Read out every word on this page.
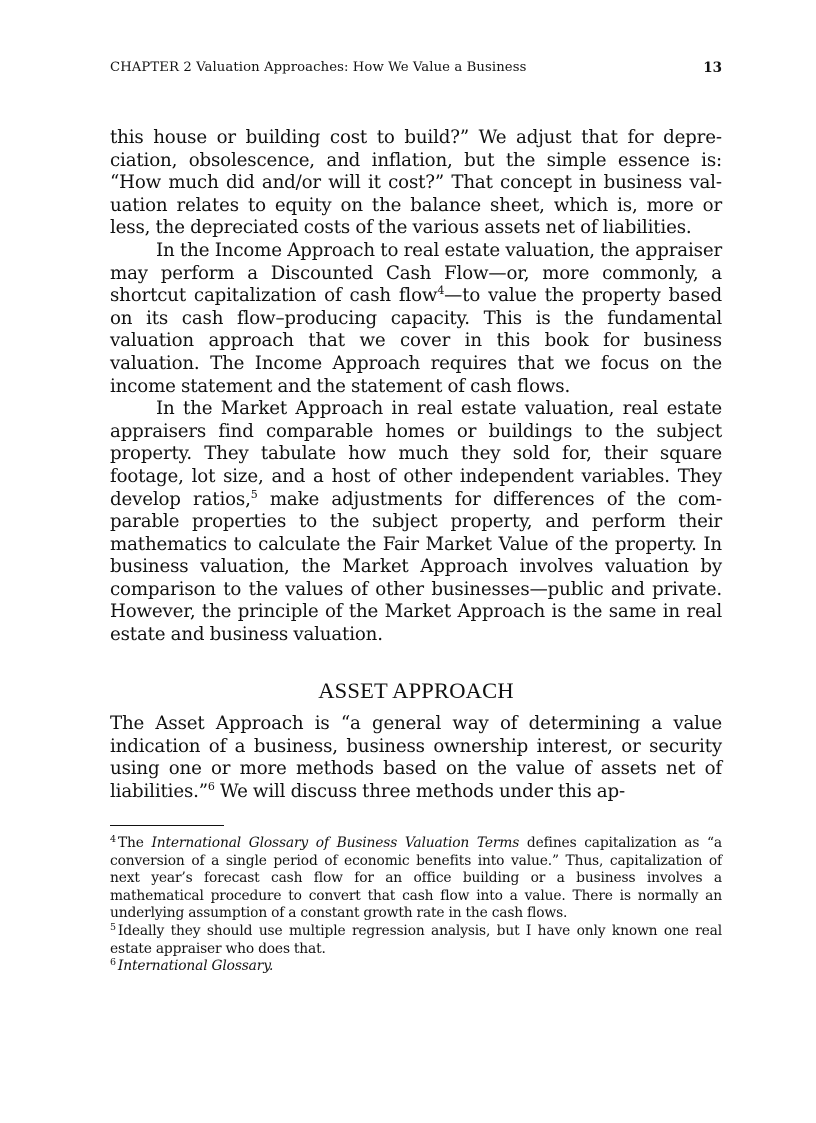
CHAPTER 2 Valuation Approaches: How We Value a Business	13

this house or building cost to build?” We adjust that for depreciation, obsolescence, and inflation, but the simple essence is: “How much did and/or will it cost?” That concept in business valuation relates to equity on the balance sheet, which is, more or less, the depreciated costs of the various assets net of liabilities.

In the Income Approach to real estate valuation, the appraiser may perform a Discounted Cash Flow—or, more commonly, a shortcut capitalization of cash flow$^4$—to value the property based on its cash flow–producing capacity. This is the fundamental valuation approach that we cover in this book for business valuation. The Income Approach requires that we focus on the income statement and the statement of cash flows.

In the Market Approach in real estate valuation, real estate appraisers find comparable homes or buildings to the subject property. They tabulate how much they sold for, their square footage, lot size, and a host of other independent variables. They develop ratios,$^5$ make adjustments for differences of the comparable properties to the subject property, and perform their mathematics to calculate the Fair Market Value of the property. In business valuation, the Market Approach involves valuation by comparison to the values of other businesses—public and private. However, the principle of the Market Approach is the same in real estate and business valuation.

ASSET APPROACH

The Asset Approach is “a general way of determining a value indication of a business, business ownership interest, or security using one or more methods based on the value of assets net of liabilities.”$^6$ We will discuss three methods under this ap-

$^4$ The International Glossary of Business Valuation Terms defines capitalization as “a conversion of a single period of economic benefits into value.” Thus, capitalization of next year’s forecast cash flow for an office building or a business involves a mathematical procedure to convert that cash flow into a value. There is normally an underlying assumption of a constant growth rate in the cash flows.

$^5$ Ideally they should use multiple regression analysis, but I have only known one real estate appraiser who does that.

$^6$ International Glossary.
